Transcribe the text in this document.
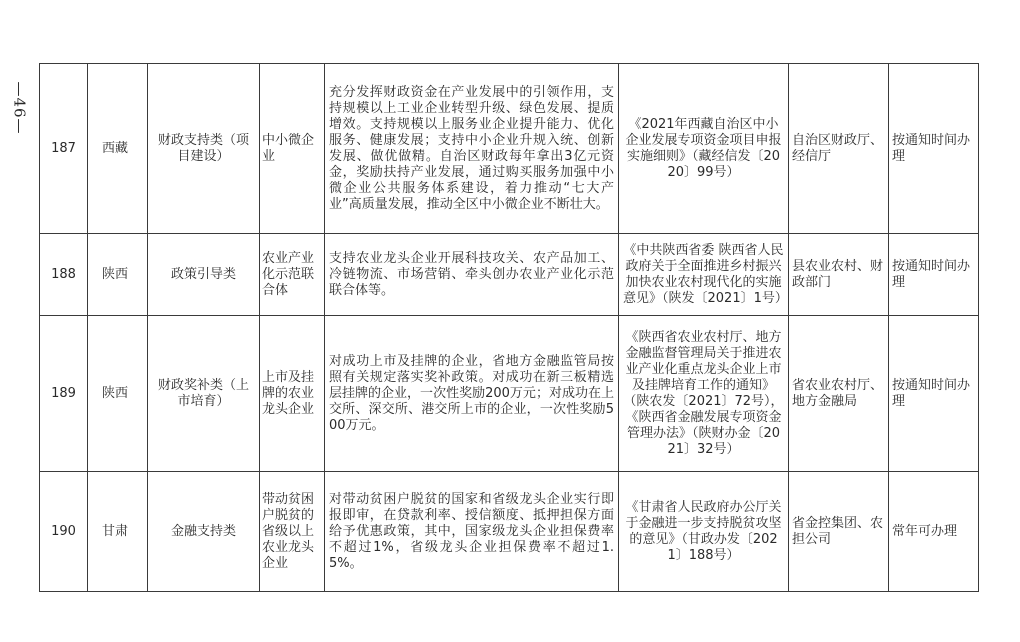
—46—
187	西藏	财政支持类（项目建设）	中小微企业	充分发挥财政资金在产业发展中的引领作用，支持规模以上工业企业转型升级、绿色发展、提质增效。支持规模以上服务业企业提升能力、优化服务、健康发展；支持中小企业升规入统、创新发展、做优做精。自治区财政每年拿出3亿元资金，奖励扶持产业发展，通过购买服务加强中小微企业公共服务体系建设，着力推动“七大产业”高质量发展，推动全区中小微企业不断壮大。	《2021年西藏自治区中小企业发展专项资金项目申报实施细则》（藏经信发〔2020〕99号）	自治区财政厅、经信厅	按通知时间办理
188	陕西	政策引导类	农业产业化示范联合体	支持农业龙头企业开展科技攻关、农产品加工、冷链物流、市场营销、牵头创办农业产业化示范联合体等。	《中共陕西省委 陕西省人民政府关于全面推进乡村振兴加快农业农村现代化的实施意见》（陕发〔2021〕1号）	县农业农村、财政部门	按通知时间办理
189	陕西	财政奖补类（上市培育）	上市及挂牌的农业龙头企业	对成功上市及挂牌的企业，省地方金融监管局按照有关规定落实奖补政策。对成功在新三板精选层挂牌的企业，一次性奖励200万元；对成功在上交所、深交所、港交所上市的企业，一次性奖励500万元。	《陕西省农业农村厅、地方金融监督管理局关于推进农业产业化重点龙头企业上市及挂牌培育工作的通知》（陕农发〔2021〕72号），《陕西省金融发展专项资金管理办法》（陕财办金〔2021〕32号）	省农业农村厅、地方金融局	按通知时间办理
190	甘肃	金融支持类	带动贫困户脱贫的省级以上农业龙头企业	对带动贫困户脱贫的国家和省级龙头企业实行即报即审，在贷款利率、授信额度、抵押担保方面给予优惠政策，其中，国家级龙头企业担保费率不超过1%，省级龙头企业担保费率不超过1.5%。	《甘肃省人民政府办公厅关于金融进一步支持脱贫攻坚的意见》（甘政办发〔2021〕188号）	省金控集团、农担公司	常年可办理
